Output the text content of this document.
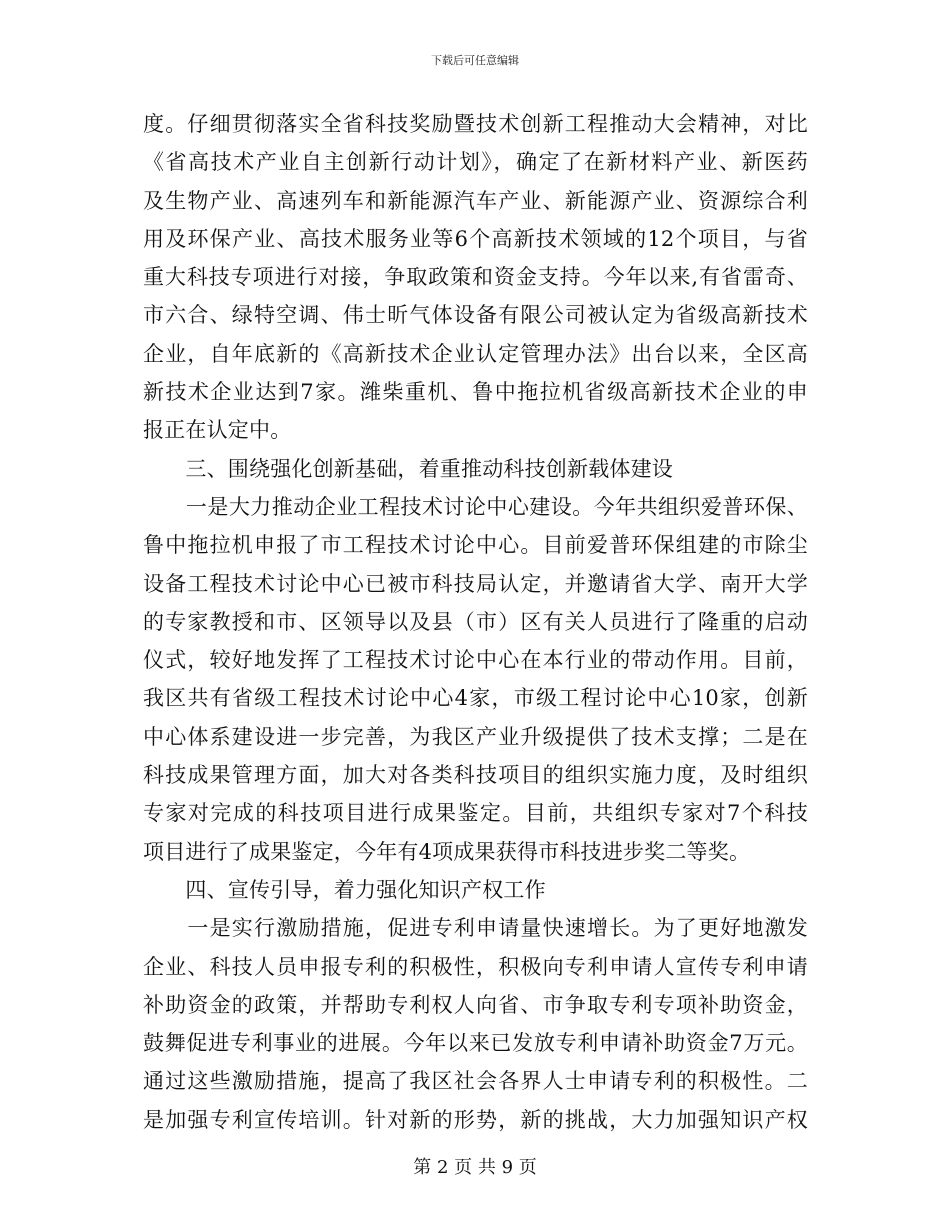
下载后可任意编辑
度。仔细贯彻落实全省科技奖励暨技术创新工程推动大会精神，对比
《省高技术产业自主创新行动计划》，确定了在新材料产业、新医药
及生物产业、高速列车和新能源汽车产业、新能源产业、资源综合利
用及环保产业、高技术服务业等6个高新技术领域的12个项目，与省
重大科技专项进行对接，争取政策和资金支持。今年以来,有省雷奇、
市六合、绿特空调、伟士昕气体设备有限公司被认定为省级高新技术
企业，自年底新的《高新技术企业认定管理办法》出台以来，全区高
新技术企业达到7家。潍柴重机、鲁中拖拉机省级高新技术企业的申
报正在认定中。
　　三、围绕强化创新基础，着重推动科技创新载体建设
　　一是大力推动企业工程技术讨论中心建设。今年共组织爱普环保、
鲁中拖拉机申报了市工程技术讨论中心。目前爱普环保组建的市除尘
设备工程技术讨论中心已被市科技局认定，并邀请省大学、南开大学
的专家教授和市、区领导以及县（市）区有关人员进行了隆重的启动
仪式，较好地发挥了工程技术讨论中心在本行业的带动作用。目前，
我区共有省级工程技术讨论中心4家，市级工程讨论中心10家，创新
中心体系建设进一步完善，为我区产业升级提供了技术支撑；二是在
科技成果管理方面，加大对各类科技项目的组织实施力度，及时组织
专家对完成的科技项目进行成果鉴定。目前，共组织专家对7个科技
项目进行了成果鉴定，今年有4项成果获得市科技进步奖二等奖。
　　四、宣传引导，着力强化知识产权工作
　　一是实行激励措施，促进专利申请量快速增长。为了更好地激发
企业、科技人员申报专利的积极性，积极向专利申请人宣传专利申请
补助资金的政策，并帮助专利权人向省、市争取专利专项补助资金，
鼓舞促进专利事业的进展。今年以来已发放专利申请补助资金7万元。
通过这些激励措施，提高了我区社会各界人士申请专利的积极性。二
是加强专利宣传培训。针对新的形势，新的挑战，大力加强知识产权
第 2 页 共 9 页
